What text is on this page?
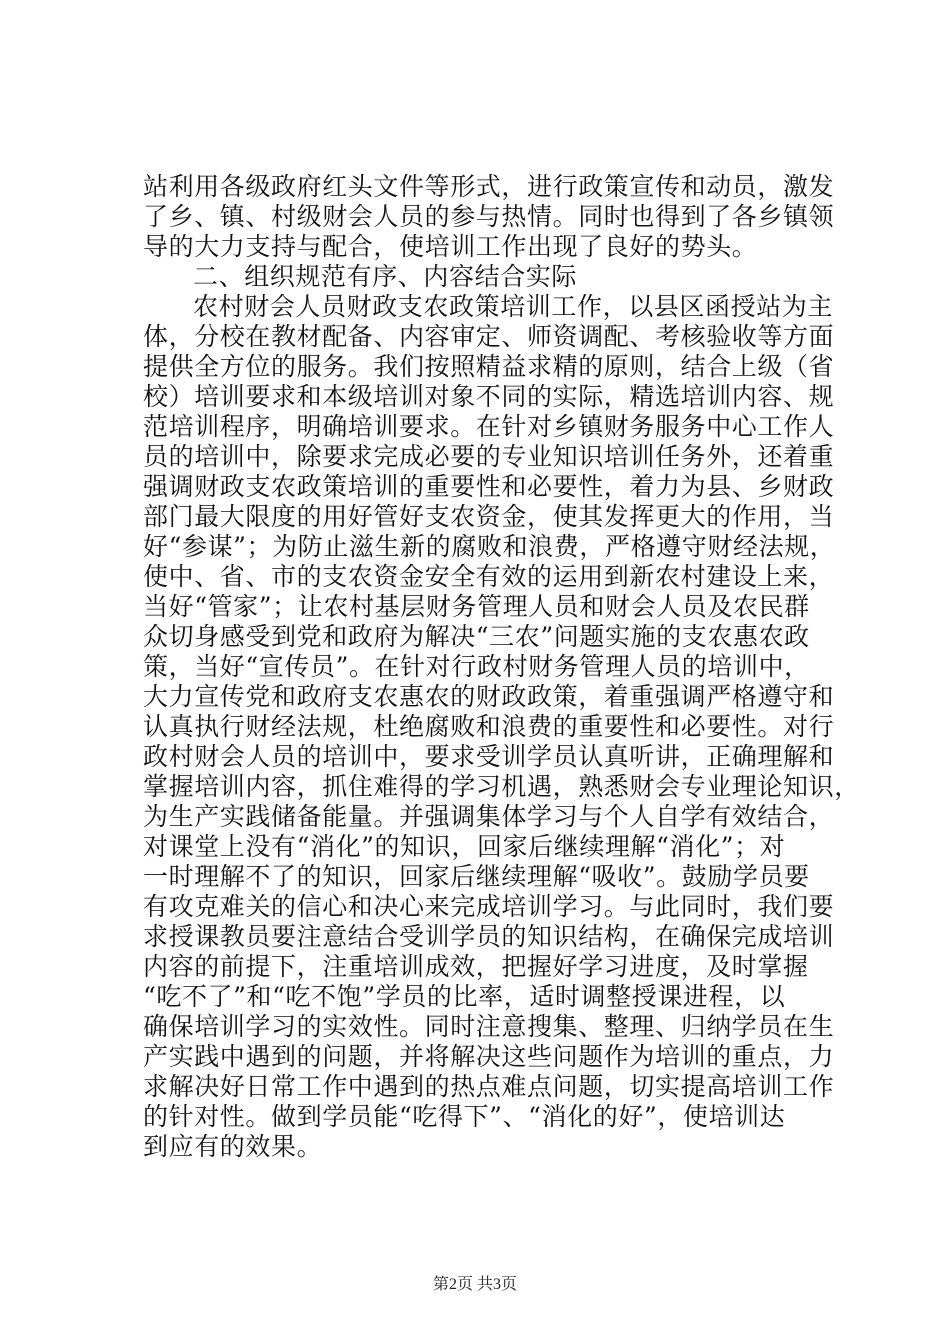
站利用各级政府红头文件等形式，进行政策宣传和动员，激发
了乡、镇、村级财会人员的参与热情。同时也得到了各乡镇领
导的大力支持与配合，使培训工作出现了良好的势头。
二、组织规范有序、内容结合实际
农村财会人员财政支农政策培训工作，以县区函授站为主
体，分校在教材配备、内容审定、师资调配、考核验收等方面
提供全方位的服务。我们按照精益求精的原则，结合上级（省
校）培训要求和本级培训对象不同的实际，精选培训内容、规
范培训程序，明确培训要求。在针对乡镇财务服务中心工作人
员的培训中，除要求完成必要的专业知识培训任务外，还着重
强调财政支农政策培训的重要性和必要性，着力为县、乡财政
部门最大限度的用好管好支农资金，使其发挥更大的作用，当
好“参谋”；为防止滋生新的腐败和浪费，严格遵守财经法规，
使中、省、市的支农资金安全有效的运用到新农村建设上来，
当好“管家”；让农村基层财务管理人员和财会人员及农民群
众切身感受到党和政府为解决“三农”问题实施的支农惠农政
策，当好“宣传员”。在针对行政村财务管理人员的培训中，
大力宣传党和政府支农惠农的财政政策，着重强调严格遵守和
认真执行财经法规，杜绝腐败和浪费的重要性和必要性。对行
政村财会人员的培训中，要求受训学员认真听讲，正确理解和
掌握培训内容，抓住难得的学习机遇，熟悉财会专业理论知识，
为生产实践储备能量。并强调集体学习与个人自学有效结合，
对课堂上没有“消化”的知识，回家后继续理解“消化”；对
一时理解不了的知识，回家后继续理解“吸收”。鼓励学员要
有攻克难关的信心和决心来完成培训学习。与此同时，我们要
求授课教员要注意结合受训学员的知识结构，在确保完成培训
内容的前提下，注重培训成效，把握好学习进度，及时掌握
“吃不了”和“吃不饱”学员的比率，适时调整授课进程，以
确保培训学习的实效性。同时注意搜集、整理、归纳学员在生
产实践中遇到的问题，并将解决这些问题作为培训的重点，力
求解决好日常工作中遇到的热点难点问题，切实提高培训工作
的针对性。做到学员能“吃得下”、“消化的好”，使培训达
到应有的效果。
第2页 共3页
